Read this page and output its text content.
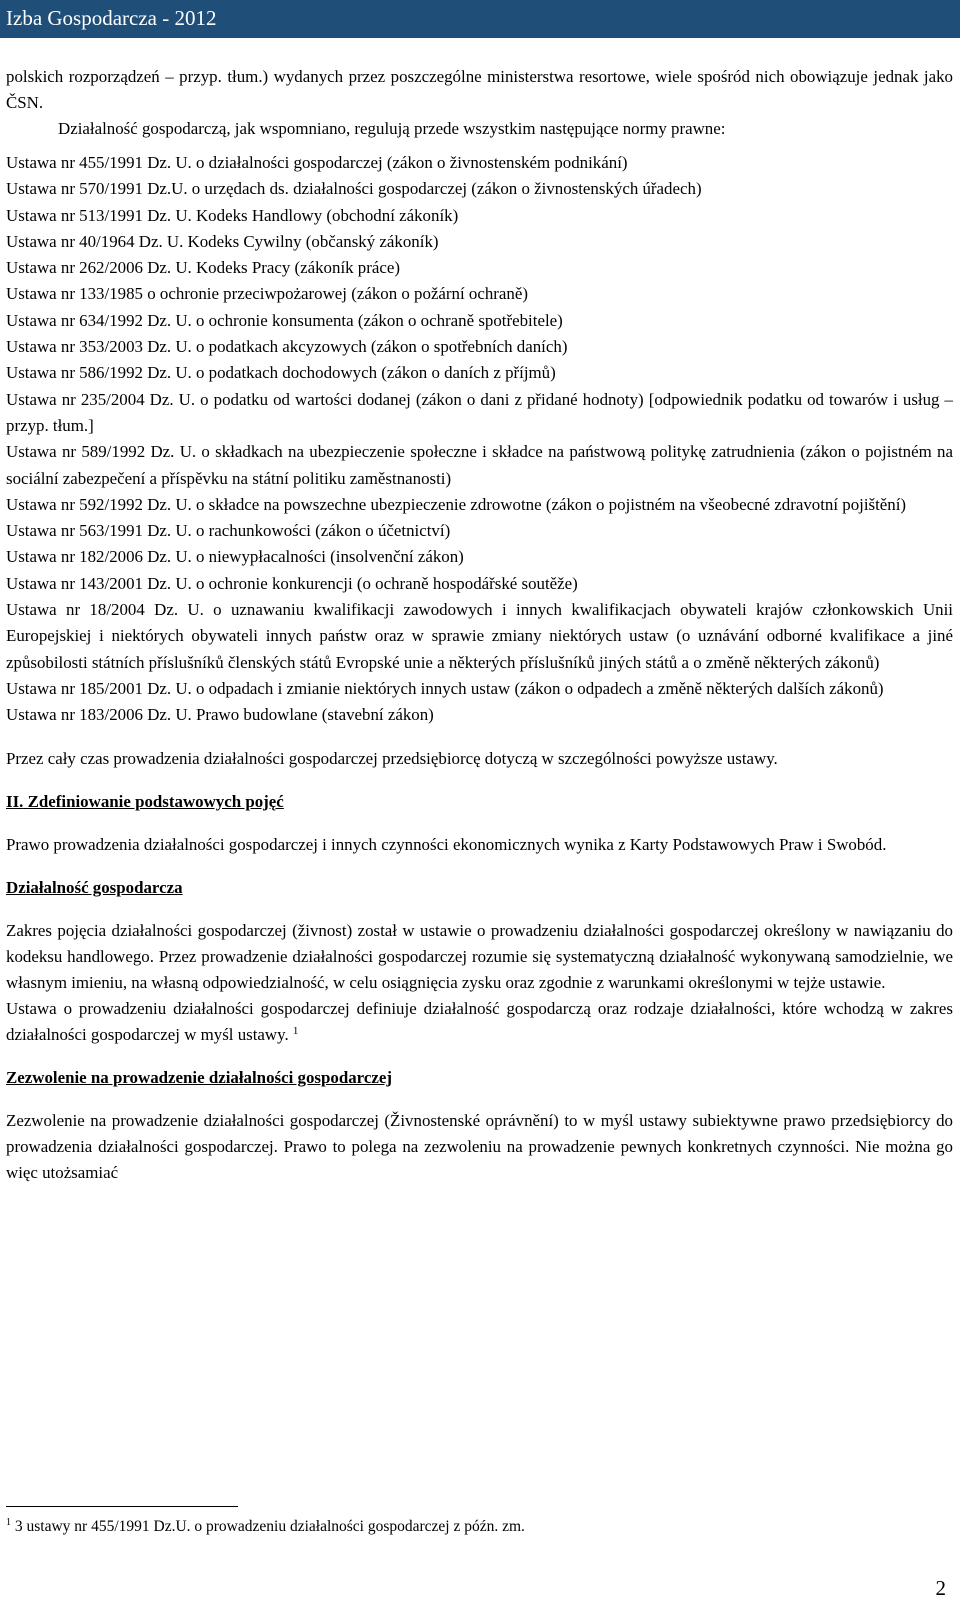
Izba Gospodarcza - 2012

polskich rozporządzeń – przyp. tłum.) wydanych przez poszczególne ministerstwa resortowe, wiele spośród nich obowiązuje jednak jako ČSN.

Działalność gospodarczą, jak wspomniano, regulują przede wszystkim następujące normy prawne:

Ustawa nr 455/1991 Dz. U. o działalności gospodarczej (zákon o živnostenském podnikání)

Ustawa nr 570/1991 Dz.U. o urzędach ds. działalności gospodarczej (zákon o živnostenských úřadech)

Ustawa nr 513/1991 Dz. U. Kodeks Handlowy (obchodní zákoník)

Ustawa nr 40/1964 Dz. U. Kodeks Cywilny (občanský zákoník)

Ustawa nr 262/2006 Dz. U. Kodeks Pracy (zákoník práce)

Ustawa nr 133/1985 o ochronie przeciwpożarowej (zákon o požární ochraně)

Ustawa nr 634/1992 Dz. U. o ochronie konsumenta (zákon o ochraně spotřebitele)

Ustawa nr 353/2003 Dz. U. o podatkach akcyzowych (zákon o spotřebních daních)

Ustawa nr 586/1992 Dz. U. o podatkach dochodowych (zákon o daních z příjmů)

Ustawa nr 235/2004 Dz. U. o podatku od wartości dodanej (zákon o dani z přidané hodnoty) [odpowiednik podatku od towarów i usług – przyp. tłum.]

Ustawa nr 589/1992 Dz. U. o składkach na ubezpieczenie społeczne i składce na państwową politykę zatrudnienia (zákon o pojistném na sociální zabezpečení a příspěvku na státní politiku zaměstnanosti)

Ustawa nr 592/1992 Dz. U. o składce na powszechne ubezpieczenie zdrowotne (zákon o pojistném na všeobecné zdravotní pojištění)

Ustawa nr 563/1991 Dz. U. o rachunkowości (zákon o účetnictví)

Ustawa nr 182/2006 Dz. U. o niewypłacalności (insolvenční zákon)

Ustawa nr 143/2001 Dz. U. o ochronie konkurencji (o ochraně hospodářské soutěže)

Ustawa nr 18/2004 Dz. U. o uznawaniu kwalifikacji zawodowych i innych kwalifikacjach obywateli krajów członkowskich Unii Europejskiej i niektórych obywateli innych państw oraz w sprawie zmiany niektórych ustaw (o uznávání odborné kvalifikace a jiné způsobilosti státních příslušníků členských států Evropské unie a některých příslušníků jiných států a o změně některých zákonů)

Ustawa nr 185/2001 Dz. U. o odpadach i zmianie niektórych innych ustaw (zákon o odpadech a změně některých dalších zákonů)

Ustawa nr 183/2006 Dz. U. Prawo budowlane (stavební zákon)

Przez cały czas prowadzenia działalności gospodarczej przedsiębiorcę dotyczą w szczególności powyższe ustawy.

II. Zdefiniowanie podstawowych pojęć

Prawo prowadzenia działalności gospodarczej i innych czynności ekonomicznych wynika z Karty Podstawowych Praw i Swobód.

Działalność gospodarcza

Zakres pojęcia działalności gospodarczej (živnost) został w ustawie o prowadzeniu działalności gospodarczej określony w nawiązaniu do kodeksu handlowego. Przez prowadzenie działalności gospodarczej rozumie się systematyczną działalność wykonywaną samodzielnie, we własnym imieniu, na własną odpowiedzialność, w celu osiągnięcia zysku oraz zgodnie z warunkami określonymi w tejże ustawie.

Ustawa o prowadzeniu działalności gospodarczej definiuje działalność gospodarczą oraz rodzaje działalności, które wchodzą w zakres działalności gospodarczej w myśl ustawy. $^1$

Zezwolenie na prowadzenie działalności gospodarczej

Zezwolenie na prowadzenie działalności gospodarczej (Živnostenské oprávnění) to w myśl ustawy subiektywne prawo przedsiębiorcy do prowadzenia działalności gospodarczej. Prawo to polega na zezwoleniu na prowadzenie pewnych konkretnych czynności. Nie można go więc utożsamiać

$^1$ 3 ustawy nr 455/1991 Dz.U. o prowadzeniu działalności gospodarczej z późn. zm.
2
